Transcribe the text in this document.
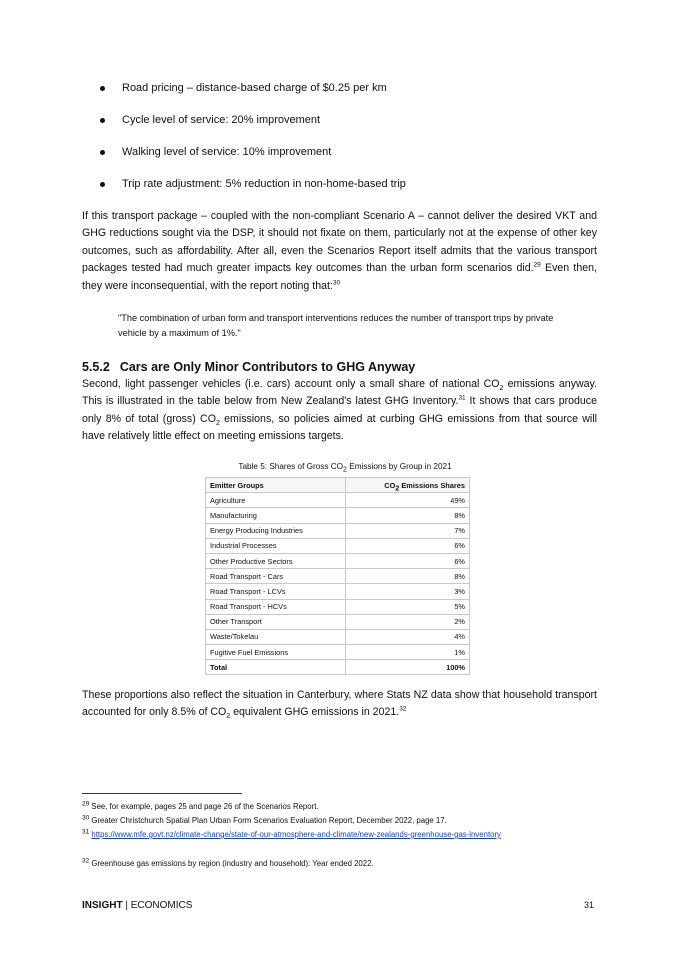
Road pricing – distance-based charge of $0.25 per km
Cycle level of service: 20% improvement
Walking level of service: 10% improvement
Trip rate adjustment: 5% reduction in non-home-based trip
If this transport package – coupled with the non-compliant Scenario A – cannot deliver the desired VKT and GHG reductions sought via the DSP, it should not fixate on them, particularly not at the expense of other key outcomes, such as affordability. After all, even the Scenarios Report itself admits that the various transport packages tested had much greater impacts key outcomes than the urban form scenarios did.$^{29}$ Even then, they were inconsequential, with the report noting that:$^{30}$
"The combination of urban form and transport interventions reduces the number of transport trips by private vehicle by a maximum of 1%."
5.5.2 Cars are Only Minor Contributors to GHG Anyway
Second, light passenger vehicles (i.e. cars) account only a small share of national $CO_2$ emissions anyway. This is illustrated in the table below from New Zealand's latest GHG Inventory.$^{31}$ It shows that cars produce only 8% of total (gross) $CO_2$ emissions, so policies aimed at curbing GHG emissions from that source will have relatively little effect on meeting emissions targets.
Table 5: Shares of Gross CO2 Emissions by Group in 2021
Emitter Groups	CO2 Emissions Shares
Agriculture	49%
Manufacturing	8%
Energy Producing Industries	7%
Industrial Processes	6%
Other Productive Sectors	6%
Road Transport - Cars	8%
Road Transport - LCVs	3%
Road Transport - HCVs	5%
Other Transport	2%
Waste/Tokelau	4%
Fugitive Fuel Emissions	1%
Total	100%
These proportions also reflect the situation in Canterbury, where Stats NZ data show that household transport accounted for only 8.5% of $CO_2$ equivalent GHG emissions in 2021.32
$^{29}$ See, for example, pages 25 and page 26 of the Scenarios Report.
$^{30}$ Greater Christchurch Spatial Plan Urban Form Scenarios Evaluation Report, December 2022, page 17.
$^{31}$ https://www.mfe.govt.nz/climate-change/state-of-our-atmosphere-and-climate/new-zealands-greenhouse-gas-inventory
$^{32}$ Greenhouse gas emissions by region (industry and household): Year ended 2022.
INSIGHT | ECONOMICS	31
